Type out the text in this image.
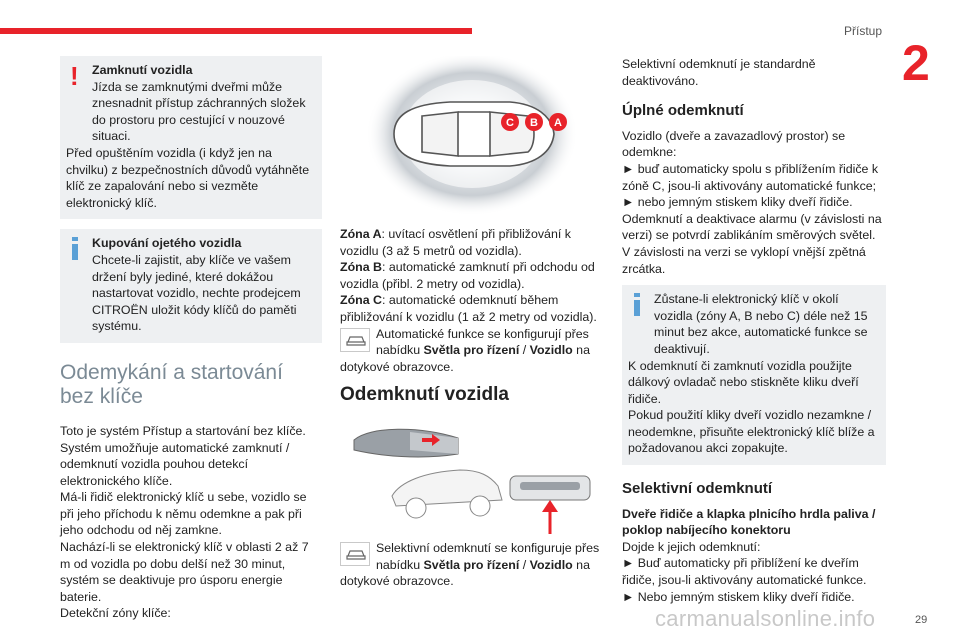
Přístup
2
29
carmanualsonline.info
!	Zamknutí vozidla
Jízda se zamknutými dveřmi může znesnadnit přístup záchranných složek do prostoru pro cestující v nouzové situaci.
Před opuštěním vozidla (i když jen na chvilku) z bezpečnostních důvodů vytáhněte klíč ze zapalování nebo si vezměte elektronický klíč.
Kupování ojetého vozidla
Chcete-li zajistit, aby klíče ve vašem držení byly jediné, které dokážou nastartovat vozidlo, nechte prodejcem CITROËN uložit kódy klíčů do paměti systému.
Odemykání a startování bez klíče
Toto je systém Přístup a startování bez klíče.
Systém umožňuje automatické zamknutí / odemknutí vozidla pouhou detekcí elektronického klíče.
Má-li řidič elektronický klíč u sebe, vozidlo se při jeho příchodu k němu odemkne a pak při jeho odchodu od něj zamkne.
Nachází-li se elektronický klíč v oblasti 2 až 7 m od vozidla po dobu delší než 30 minut, systém se deaktivuje pro úsporu energie baterie.
Detekční zóny klíče:
C B A
Zóna A: uvítací osvětlení při přibližování k vozidlu (3 až 5 metrů od vozidla).
Zóna B: automatické zamknutí při odchodu od vozidla (přibl. 2 metry od vozidla).
Zóna C: automatické odemknutí během přibližování k vozidlu (1 až 2 metry od vozidla).
Automatické funkce se konfigurují přes nabídku Světla pro řízení / Vozidlo na dotykové obrazovce.
Odemknutí vozidla
Selektivní odemknutí se konfiguruje přes nabídku Světla pro řízení / Vozidlo na dotykové obrazovce.
Selektivní odemknutí je standardně deaktivováno.
Úplné odemknutí
Vozidlo (dveře a zavazadlový prostor) se odemkne:
► buď automaticky spolu s přiblížením řidiče k zóně C, jsou-li aktivovány automatické funkce;
► nebo jemným stiskem kliky dveří řidiče.
Odemknutí a deaktivace alarmu (v závislosti na verzi) se potvrdí zablikáním směrových světel.
V závislosti na verzi se vyklopí vnější zpětná zrcátka.
Zůstane-li elektronický klíč v okolí vozidla (zóny A, B nebo C) déle než 15 minut bez akce, automatické funkce se deaktivují.
K odemknutí či zamknutí vozidla použijte dálkový ovladač nebo stiskněte kliku dveří řidiče.
Pokud použití kliky dveří vozidlo nezamkne / neodemkne, přisuňte elektronický klíč blíže a požadovanou akci zopakujte.
Selektivní odemknutí
Dveře řidiče a klapka plnicího hrdla paliva / poklop nabíjecího konektoru
Dojde k jejich odemknutí:
► Buď automaticky při přiblížení ke dveřím řidiče, jsou-li aktivovány automatické funkce.
► Nebo jemným stiskem kliky dveří řidiče.
